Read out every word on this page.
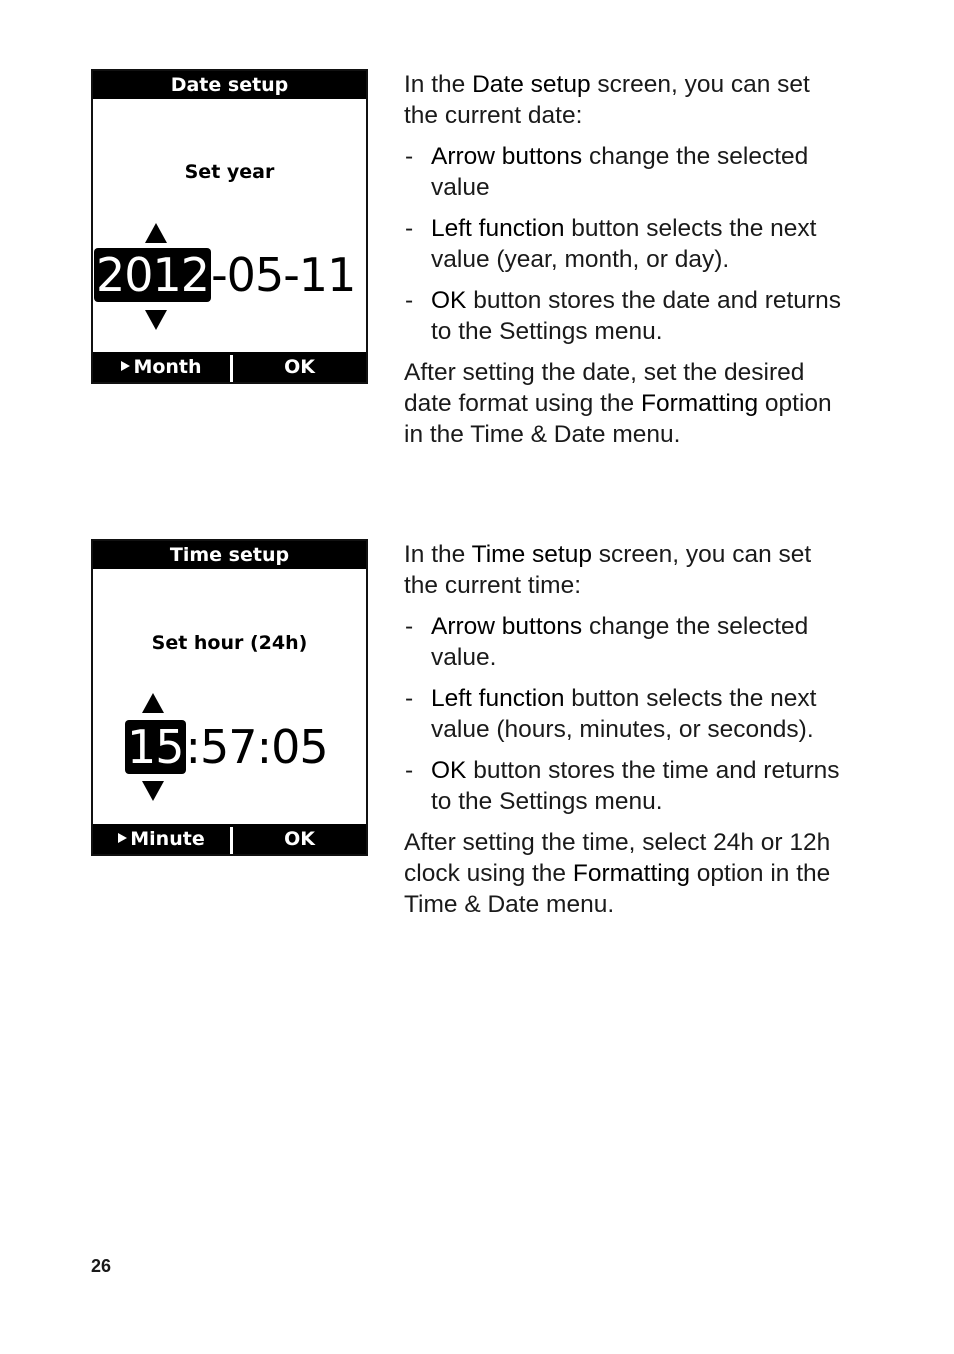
Date setup
Set year
2012-05-11
Month	OK
Time setup
Set hour (24h)
15:57:05
Minute	OK

In the Date setup screen, you can set the current date:

- Arrow buttons change the selected value
- Left function button selects the next value (year, month, or day).
- OK button stores the date and returns to the Settings menu.

After setting the date, set the desired date format using the Formatting option in the Time & Date menu.

In the Time setup screen, you can set the current time:

- Arrow buttons change the selected value.
- Left function button selects the next value (hours, minutes, or seconds).
- OK button stores the time and returns to the Settings menu.

After setting the time, select 24h or 12h clock using the Formatting option in the Time & Date menu.

26
